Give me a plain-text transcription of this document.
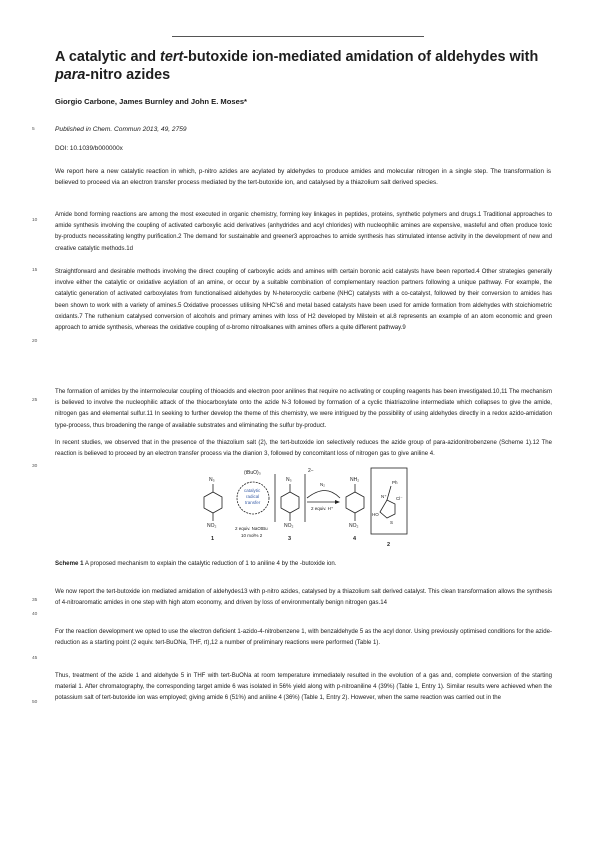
A catalytic and tert-butoxide ion-mediated amidation of aldehydes with para-nitro azides
Giorgio Carbone, James Burnley and John E. Moses*
5
10
15
20
25
30
35
40
45
50
Published in Chem. Commun 2013, 49, 2759
DOI: 10.1039/b000000x
We report here a new catalytic reaction in which, p-nitro azides are acylated by aldehydes to produce amides and molecular nitrogen in a single step. The transformation is believed to proceed via an electron transfer process mediated by the tert-butoxide ion, and catalysed by a thiazolium salt derived species.

Amide bond forming reactions are among the most executed in organic chemistry, forming key linkages in peptides, proteins, synthetic polymers and drugs.1 Traditional approaches to amide synthesis involving the coupling of activated carboxylic acid derivatives (anhydrides and acyl chlorides) with nucleophilic amines are expensive, wasteful and often produce toxic by-products necessitating lengthy purification.2 The demand for sustainable and greener3 approaches to amide synthesis has stimulated intense activity in the development of new and creative catalytic methods.1d

Straightforward and desirable methods involving the direct coupling of carboxylic acids and amines with certain boronic acid catalysts have been reported.4 Other strategies generally involve either the catalytic or oxidative acylation of an amine, or occur by a suitable combination of complementary reaction partners following a unique pathway. For example, the catalytic generation of activated carboxylates from functionalised aldehydes by N-heterocyclic carbene (NHC) catalysts with a co-catalyst, followed by their conversion to amides has been shown to work with a variety of amines.5 Oxidative processes utilising NHC's6 and metal based catalysts have been used for amide formation from aldehydes with stoichiometric oxidants.7 The ruthenium catalysed conversion of alcohols and primary amines with loss of H2 developed by Milstein et al.8 represents an example of an atom economic and green approach to amide synthesis, whereas the oxidative coupling of α-bromo nitroalkanes with amines offers a quite different pathway.9

The formation of amides by the intermolecular coupling of thioacids and electron poor anilines that require no activating or coupling reagents has been investigated.10,11 The mechanism is believed to involve the nucleophilic attack of the thiocarboxylate onto the azide N-3 followed by formation of a cyclic thiatriazoline intermediate which collapses to give the amide, nitrogen gas and elemental sulfur.11 In seeking to further develop the theme of this chemistry, we were intrigued by the possibility of using aldehydes directly in a redox azido-amidation type-process, thus broadening the range of available substrates and eliminating the sulfur by-product.

In recent studies, we observed that in the presence of the thiazolium salt (2), the tert-butoxide ion selectively reduces the azide group of para-azidonitrobenzene (Scheme 1).12 The reaction is believed to proceed by an electron transfer process via the dianion 3, followed by concomitant loss of nitrogen gas to give aniline 4.

N₃
NO₂
1
(tBuO)₃
catalytic
radical
transfer
2 equiv. NaOtBu
10 mol% 2
2−
N₃
NO₂
3
N₂
2 equiv. H⁺
NH₂
NO₂
4
HO
Ph
Cl⁻
S
N⁺
2
Scheme 1 A proposed mechanism to explain the catalytic reduction of 1 to aniline 4 by the -butoxide ion.

We now report the tert-butoxide ion mediated amidation of aldehydes13 with p-nitro azides, catalysed by a thiazolium salt derived catalyst. This clean transformation allows the synthesis of 4-nitroaromatic amides in one step with high atom economy, and driven by loss of environmentally benign nitrogen gas.14

For the reaction development we opted to use the electron deficient 1-azido-4-nitrobenzene 1, with benzaldehyde 5 as the acyl donor. Using previously optimised conditions for the azide-reduction as a starting point (2 equiv. tert-BuONa, THF, rt),12 a number of preliminary reactions were performed (Table 1).

Thus, treatment of the azide 1 and aldehyde 5 in THF with tert-BuONa at room temperature immediately resulted in the evolution of a gas and, complete conversion of the starting material 1. After chromatography, the corresponding target amide 6 was isolated in 56% yield along with p-nitroaniline 4 (39%) (Table 1, Entry 1). Similar results were achieved when the potassium salt of tert-butoxide ion was employed; giving amide 6 (51%) and aniline 4 (36%) (Table 1, Entry 2). However, when the same reaction was carried out in the
